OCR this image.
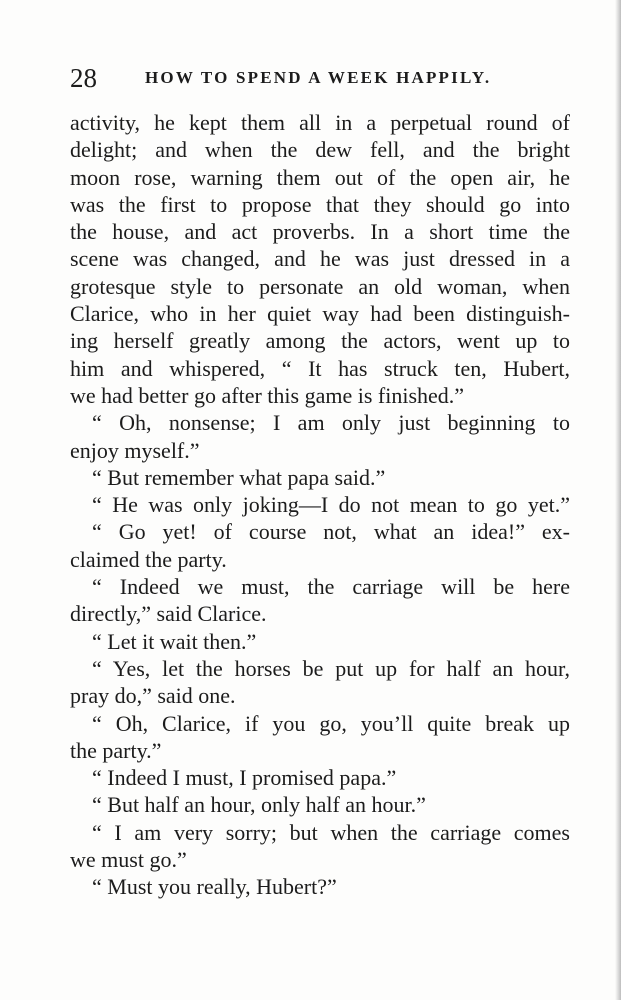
28	HOW TO SPEND A WEEK HAPPILY.
activity, he kept them all in a perpetual round of
delight; and when the dew fell, and the bright
moon rose, warning them out of the open air, he
was the first to propose that they should go into
the house, and act proverbs. In a short time the
scene was changed, and he was just dressed in a
grotesque style to personate an old woman, when
Clarice, who in her quiet way had been distinguish-
ing herself greatly among the actors, went up to
him and whispered, “ It has struck ten, Hubert,
we had better go after this game is finished.”
“ Oh, nonsense; I am only just beginning to
enjoy myself.”
“ But remember what papa said.”
“ He was only joking—I do not mean to go yet.”
“ Go yet! of course not, what an idea!” ex-
claimed the party.
“ Indeed we must, the carriage will be here
directly,” said Clarice.
“ Let it wait then.”
“ Yes, let the horses be put up for half an hour,
pray do,” said one.
“ Oh, Clarice, if you go, you’ll quite break up
the party.”
“ Indeed I must, I promised papa.”
“ But half an hour, only half an hour.”
“ I am very sorry; but when the carriage comes
we must go.”
“ Must you really, Hubert?”
